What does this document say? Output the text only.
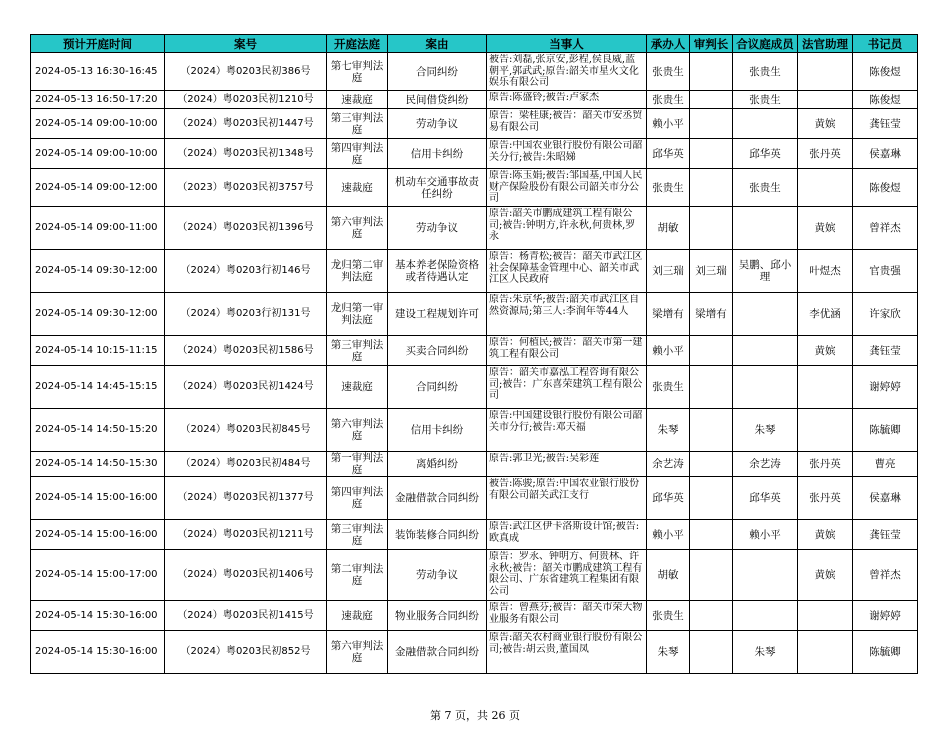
预计开庭时间	案号	开庭法庭	案由	当事人	承办人	审判长	合议庭成员	法官助理	书记员
2024-05-13 16:30-16:45	（2024）粤0203民初386号	第七审判法庭	合同纠纷	被告:刘磊,张京安,彭程,侯良威,蓝朝平,郭武武;原告:韶关市星火文化娱乐有限公司	张贵生		张贵生		陈俊煜
2024-05-13 16:50-17:20	（2024）粤0203民初1210号	速裁庭	民间借贷纠纷	原告:陈盛铃;被告:卢家杰	张贵生		张贵生		陈俊煜
2024-05-14 09:00-10:00	（2024）粤0203民初1447号	第三审判法庭	劳动争议	原告：梁桂康;被告：韶关市安丞贸易有限公司	赖小平			黄嫔	龚钰莹
2024-05-14 09:00-10:00	（2024）粤0203民初1348号	第四审判法庭	信用卡纠纷	原告:中国农业银行股份有限公司韶关分行;被告:朱昭娣	邱华英		邱华英	张丹英	侯嘉琳
2024-05-14 09:00-12:00	（2023）粤0203民初3757号	速裁庭	机动车交通事故责任纠纷	原告:陈玉娟;被告:邹国基,中国人民财产保险股份有限公司韶关市分公司	张贵生		张贵生		陈俊煜
2024-05-14 09:00-11:00	（2024）粤0203民初1396号	第六审判法庭	劳动争议	原告:韶关市鹏成建筑工程有限公司;被告:钟明方,许永秋,何贵林,罗永	胡敏			黄嫔	曾祥杰
2024-05-14 09:30-12:00	（2024）粤0203行初146号	龙归第二审判法庭	基本养老保险资格或者待遇认定	原告：杨青松;被告：韶关市武江区社会保障基金管理中心、韶关市武江区人民政府	刘三瑞	刘三瑞	吴鹏、邱小理	叶煜杰	官贵强
2024-05-14 09:30-12:00	（2024）粤0203行初131号	龙归第一审判法庭	建设工程规划许可	原告:朱京华;被告:韶关市武江区自然资源局;第三人:李润年等44人	梁增有	梁增有		李优涵	许家欣
2024-05-14 10:15-11:15	（2024）粤0203民初1586号	第三审判法庭	买卖合同纠纷	原告：何植民;被告：韶关市第一建筑工程有限公司	赖小平			黄嫔	龚钰莹
2024-05-14 14:45-15:15	（2024）粤0203民初1424号	速裁庭	合同纠纷	原告：韶关市嘉泓工程咨询有限公司;被告：广东喜荣建筑工程有限公司	张贵生				谢婷婷
2024-05-14 14:50-15:20	（2024）粤0203民初845号	第六审判法庭	信用卡纠纷	原告:中国建设银行股份有限公司韶关市分行;被告:邓天福	朱琴		朱琴		陈毓卿
2024-05-14 14:50-15:30	（2024）粤0203民初484号	第一审判法庭	离婚纠纷	原告:郭卫光;被告:吴彩莲	余艺涛		余艺涛	张丹英	曹亮
2024-05-14 15:00-16:00	（2024）粤0203民初1377号	第四审判法庭	金融借款合同纠纷	被告:陈骏;原告:中国农业银行股份有限公司韶关武江支行	邱华英		邱华英	张丹英	侯嘉琳
2024-05-14 15:00-16:00	（2024）粤0203民初1211号	第三审判法庭	装饰装修合同纠纷	原告:武江区伊卡洛斯设计馆;被告:欧真成	赖小平		赖小平	黄嫔	龚钰莹
2024-05-14 15:00-17:00	（2024）粤0203民初1406号	第二审判法庭	劳动争议	原告：罗永、钟明方、何贵林、许永秋;被告：韶关市鹏成建筑工程有限公司、广东省建筑工程集团有限公司	胡敏			黄嫔	曾祥杰
2024-05-14 15:30-16:00	（2024）粤0203民初1415号	速裁庭	物业服务合同纠纷	原告：曾燕芬;被告：韶关市荣大物业服务有限公司	张贵生				谢婷婷
2024-05-14 15:30-16:00	（2024）粤0203民初852号	第六审判法庭	金融借款合同纠纷	原告:韶关农村商业银行股份有限公司;被告:胡云贵,董国凤	朱琴		朱琴		陈毓卿
第 7 页，共 26 页
